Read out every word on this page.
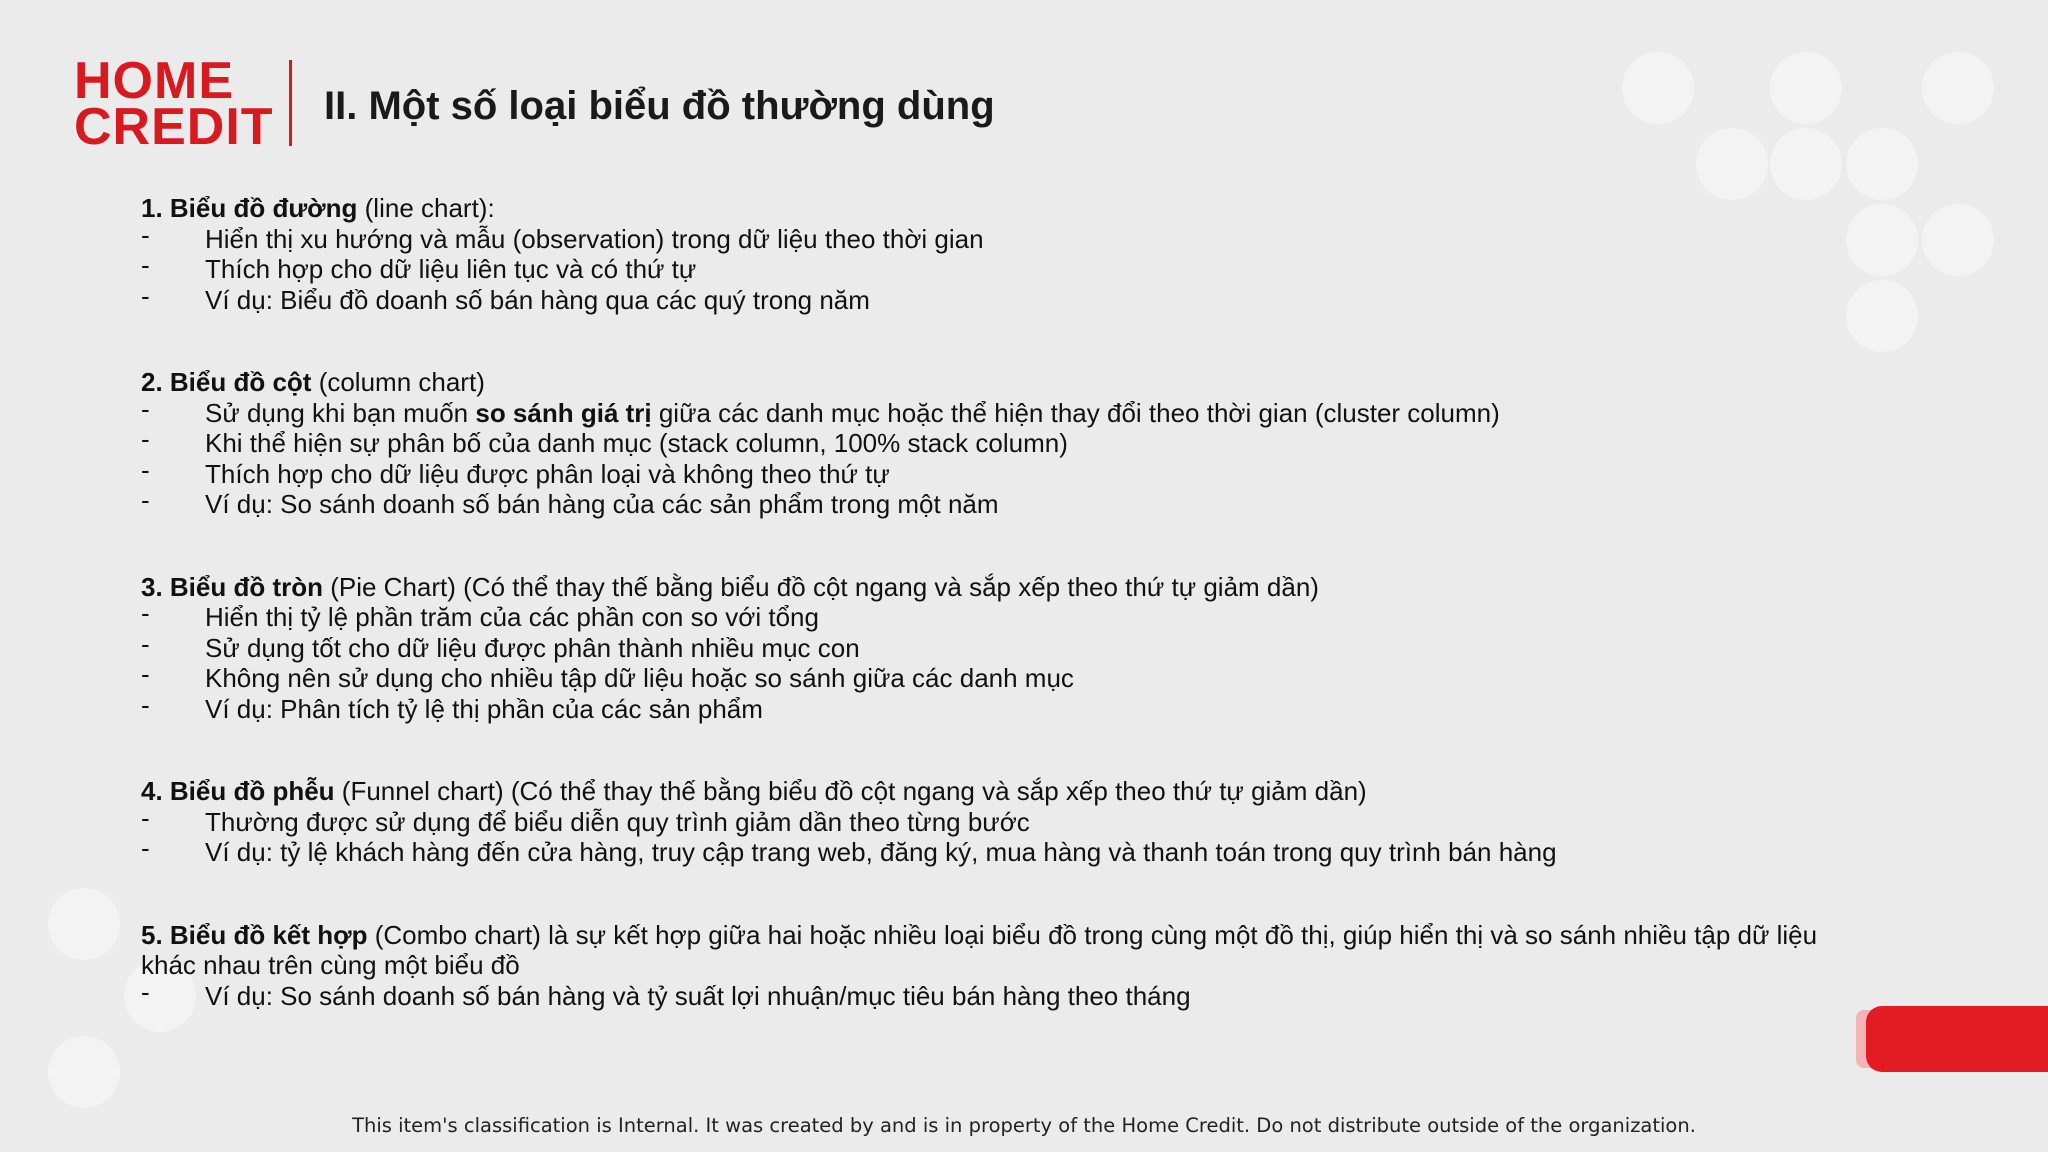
HOME
CREDIT II. Một số loại biểu đồ thường dùng
1. Biểu đồ đường (line chart):
- Hiển thị xu hướng và mẫu (observation) trong dữ liệu theo thời gian
- Thích hợp cho dữ liệu liên tục và có thứ tự
- Ví dụ: Biểu đồ doanh số bán hàng qua các quý trong năm
2. Biểu đồ cột (column chart)
- Sử dụng khi bạn muốn so sánh giá trị giữa các danh mục hoặc thể hiện thay đổi theo thời gian (cluster column)
- Khi thể hiện sự phân bố của danh mục (stack column, 100% stack column)
- Thích hợp cho dữ liệu được phân loại và không theo thứ tự
- Ví dụ: So sánh doanh số bán hàng của các sản phẩm trong một năm
3. Biểu đồ tròn (Pie Chart) (Có thể thay thế bằng biểu đồ cột ngang và sắp xếp theo thứ tự giảm dần)
- Hiển thị tỷ lệ phần trăm của các phần con so với tổng
- Sử dụng tốt cho dữ liệu được phân thành nhiều mục con
- Không nên sử dụng cho nhiều tập dữ liệu hoặc so sánh giữa các danh mục
- Ví dụ: Phân tích tỷ lệ thị phần của các sản phẩm
4. Biểu đồ phễu (Funnel chart) (Có thể thay thế bằng biểu đồ cột ngang và sắp xếp theo thứ tự giảm dần)
- Thường được sử dụng để biểu diễn quy trình giảm dần theo từng bước
- Ví dụ: tỷ lệ khách hàng đến cửa hàng, truy cập trang web, đăng ký, mua hàng và thanh toán trong quy trình bán hàng
5. Biểu đồ kết hợp (Combo chart) là sự kết hợp giữa hai hoặc nhiều loại biểu đồ trong cùng một đồ thị, giúp hiển thị và so sánh nhiều tập dữ liệu khác nhau trên cùng một biểu đồ
- Ví dụ: So sánh doanh số bán hàng và tỷ suất lợi nhuận/mục tiêu bán hàng theo tháng
This item's classification is Internal. It was created by and is in property of the Home Credit. Do not distribute outside of the organization.
